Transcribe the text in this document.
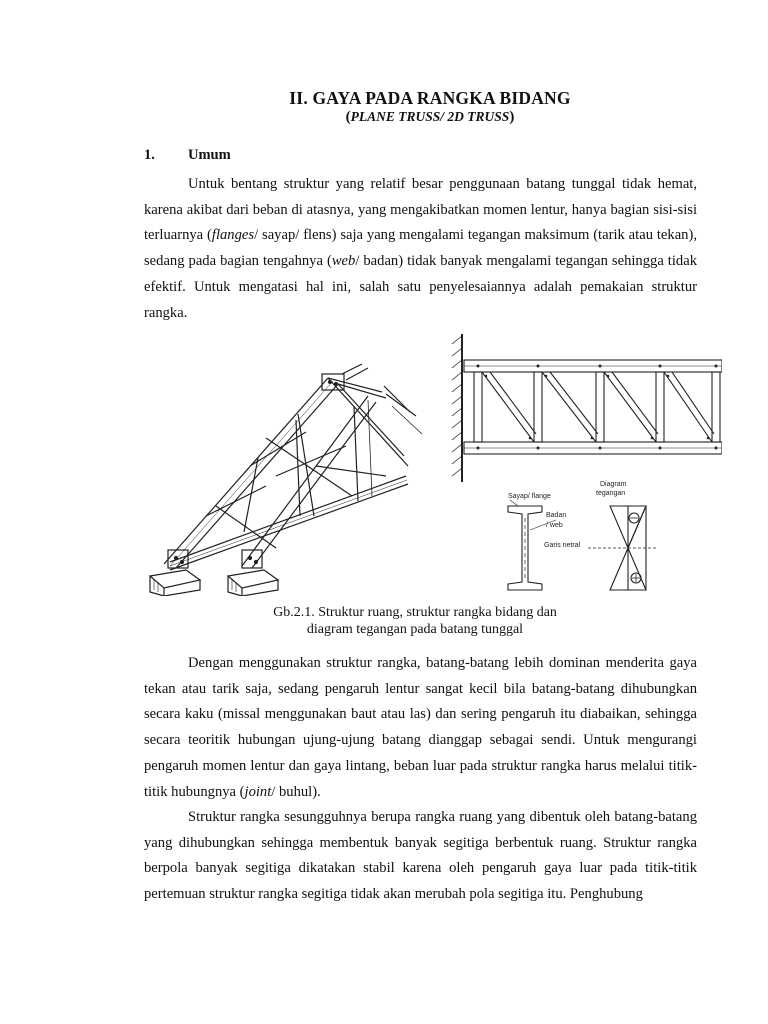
II. GAYA PADA RANGKA BIDANG
(PLANE TRUSS/ 2D TRUSS)
1. Umum

Untuk bentang struktur yang relatif besar penggunaan batang tunggal tidak hemat, karena akibat dari beban di atasnya, yang mengakibatkan momen lentur, hanya bagian sisi-sisi terluarnya (flanges/ sayap/ flens) saja yang mengalami tegangan maksimum (tarik atau tekan), sedang pada bagian tengahnya (web/ badan) tidak banyak mengalami tegangan sehingga tidak efektif. Untuk mengatasi hal ini, salah satu penyelesaiannya adalah pemakaian struktur rangka.

Sayap/ flange
Diagram
tegangan
Badan
/ web
Garis netral
Gb.2.1. Struktur ruang, struktur rangka bidang dan
diagram tegangan pada batang tunggal

Dengan menggunakan struktur rangka, batang-batang lebih dominan menderita gaya tekan atau tarik saja, sedang pengaruh lentur sangat kecil bila batang-batang dihubungkan secara kaku (missal menggunakan baut atau las) dan sering pengaruh itu diabaikan, sehingga secara teoritik hubungan ujung-ujung batang dianggap sebagai sendi. Untuk mengurangi pengaruh momen lentur dan gaya lintang, beban luar pada struktur rangka harus melalui titik-titik hubungnya (joint/ buhul).

Struktur rangka sesungguhnya berupa rangka ruang yang dibentuk oleh batang-batang yang dihubungkan sehingga membentuk banyak segitiga berbentuk ruang. Struktur rangka berpola banyak segitiga dikatakan stabil karena oleh pengaruh gaya luar pada titik-titik pertemuan struktur rangka segitiga tidak akan merubah pola segitiga itu. Penghubung
